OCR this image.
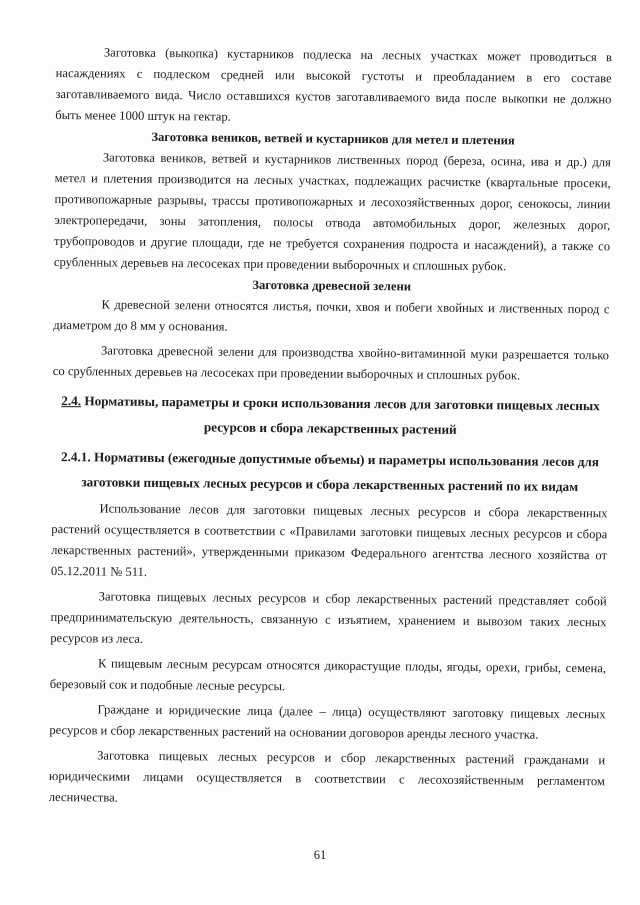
Заготовка (выкопка) кустарников подлеска на лесных участках может проводиться в насаждениях с подлеском средней или высокой густоты и преобладанием в его составе заготавливаемого вида. Число оставшихся кустов заготавливаемого вида после выкопки не должно быть менее 1000 штук на гектар.

Заготовка веников, ветвей и кустарников для метел и плетения

Заготовка веников, ветвей и кустарников лиственных пород (береза, осина, ива и др.) для метел и плетения производится на лесных участках, подлежащих расчистке (квартальные просеки, противопожарные разрывы, трассы противопожарных и лесохозяйственных дорог, сенокосы, линии электропередачи, зоны затопления, полосы отвода автомобильных дорог, железных дорог, трубопроводов и другие площади, где не требуется сохранения подроста и насаждений), а также со срубленных деревьев на лесосеках при проведении выборочных и сплошных рубок.

Заготовка древесной зелени

К древесной зелени относятся листья, почки, хвоя и побеги хвойных и лиственных пород с диаметром до 8 мм у основания.

Заготовка древесной зелени для производства хвойно-витаминной муки разрешается только со срубленных деревьев на лесосеках при проведении выборочных и сплошных рубок.

2.4. Нормативы, параметры и сроки использования лесов для заготовки пищевых лесных ресурсов и сбора лекарственных растений
2.4.1. Нормативы (ежегодные допустимые объемы) и параметры использования лесов для заготовки пищевых лесных ресурсов и сбора лекарственных растений по их видам

Использование лесов для заготовки пищевых лесных ресурсов и сбора лекарственных растений осуществляется в соответствии с «Правилами заготовки пищевых лесных ресурсов и сбора лекарственных растений», утвержденными приказом Федерального агентства лесного хозяйства от 05.12.2011 № 511.

Заготовка пищевых лесных ресурсов и сбор лекарственных растений представляет собой предпринимательскую деятельность, связанную с изъятием, хранением и вывозом таких лесных ресурсов из леса.

К пищевым лесным ресурсам относятся дикорастущие плоды, ягоды, орехи, грибы, семена, березовый сок и подобные лесные ресурсы.

Граждане и юридические лица (далее – лица) осуществляют заготовку пищевых лесных ресурсов и сбор лекарственных растений на основании договоров аренды лесного участка.

Заготовка пищевых лесных ресурсов и сбор лекарственных растений гражданами и юридическими лицами осуществляется в соответствии с лесохозяйственным регламентом лесничества.

61
